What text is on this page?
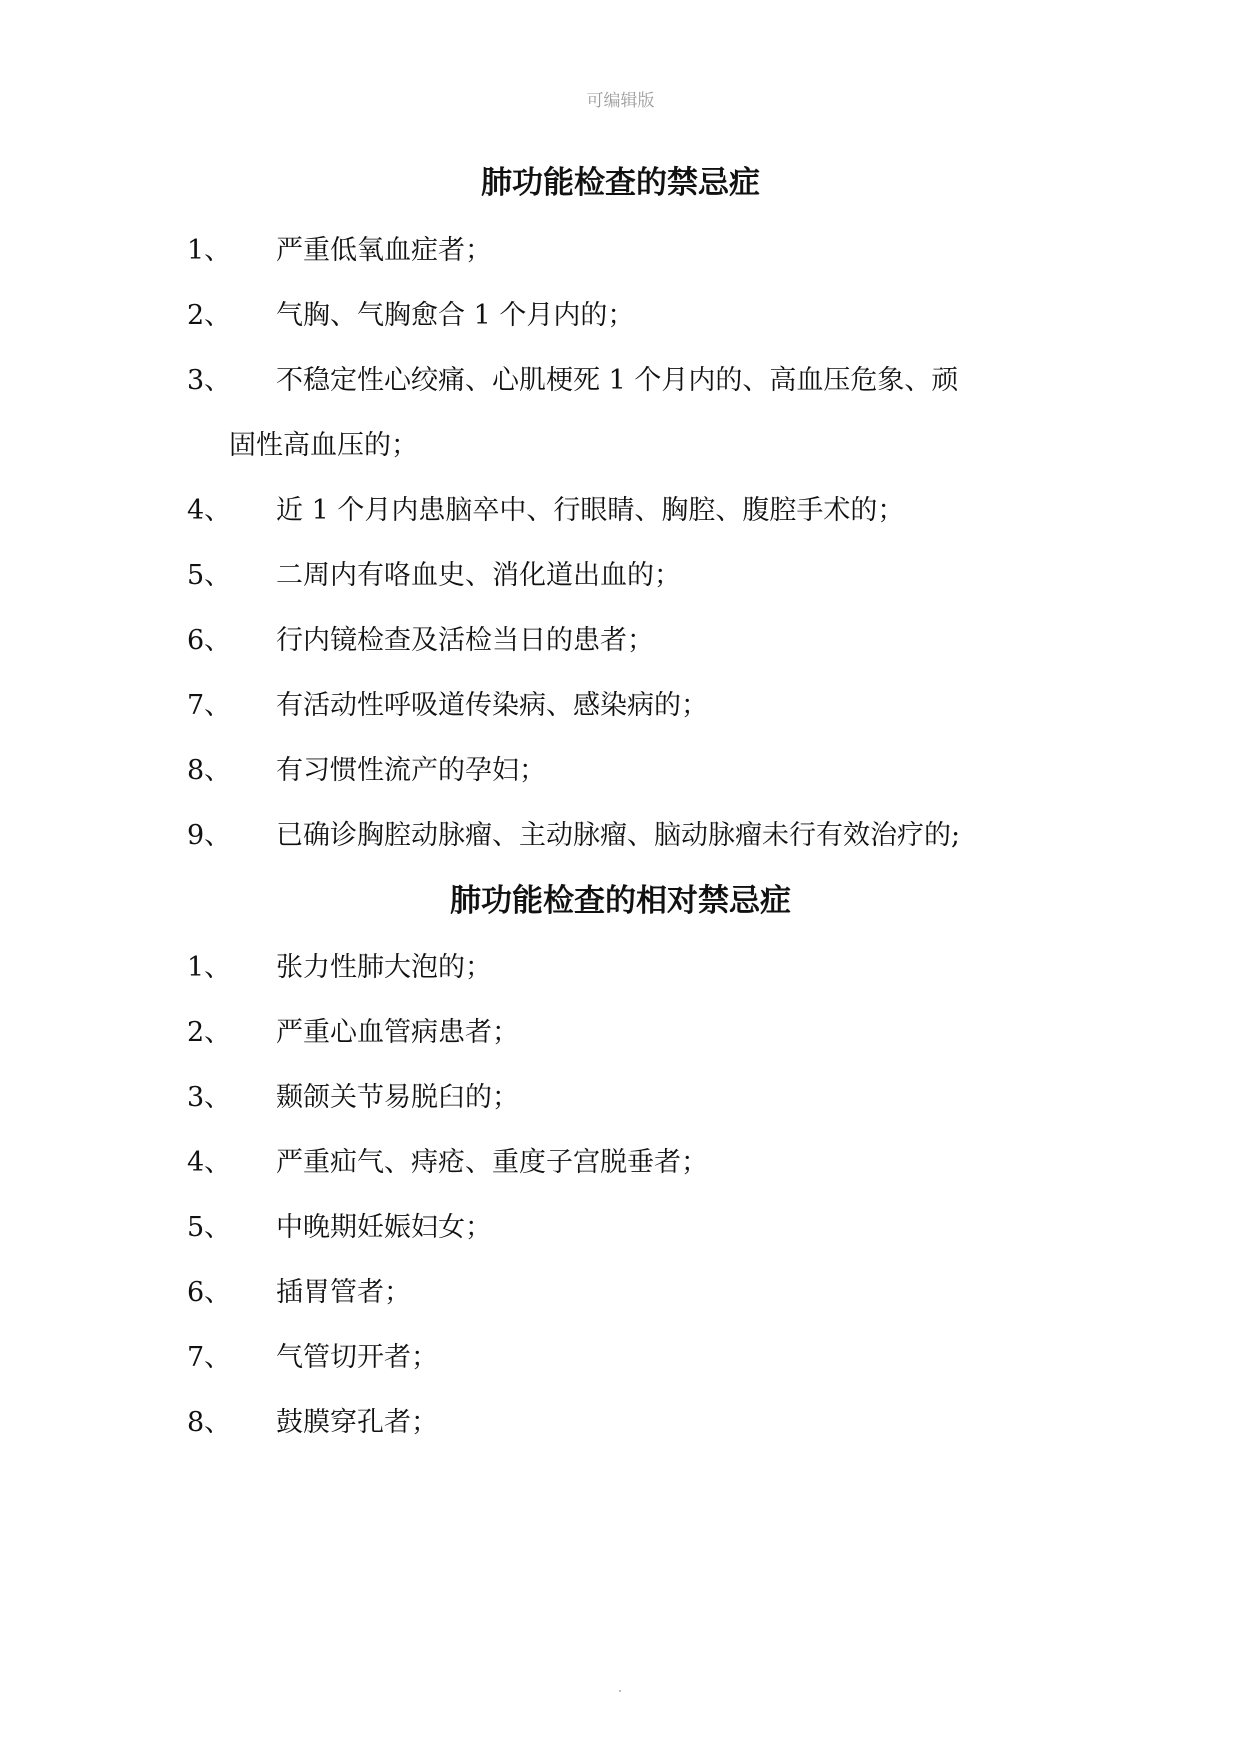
可编辑版
肺功能检查的禁忌症
1、 严重低氧血症者；
2、 气胸、气胸愈合 1 个月内的；
3、 不稳定性心绞痛、心肌梗死 1 个月内的、高血压危象、顽
固性高血压的；
4、 近 1 个月内患脑卒中、行眼睛、胸腔、腹腔手术的；
5、 二周内有咯血史、消化道出血的；
6、 行内镜检查及活检当日的患者；
7、 有活动性呼吸道传染病、感染病的；
8、 有习惯性流产的孕妇；
9、 已确诊胸腔动脉瘤、主动脉瘤、脑动脉瘤未行有效治疗的;
肺功能检查的相对禁忌症
1、 张力性肺大泡的；
2、 严重心血管病患者；
3、 颞颌关节易脱臼的；
4、 严重疝气、痔疮、重度子宫脱垂者；
5、 中晚期妊娠妇女；
6、 插胃管者；
7、 气管切开者；
8、 鼓膜穿孔者；
